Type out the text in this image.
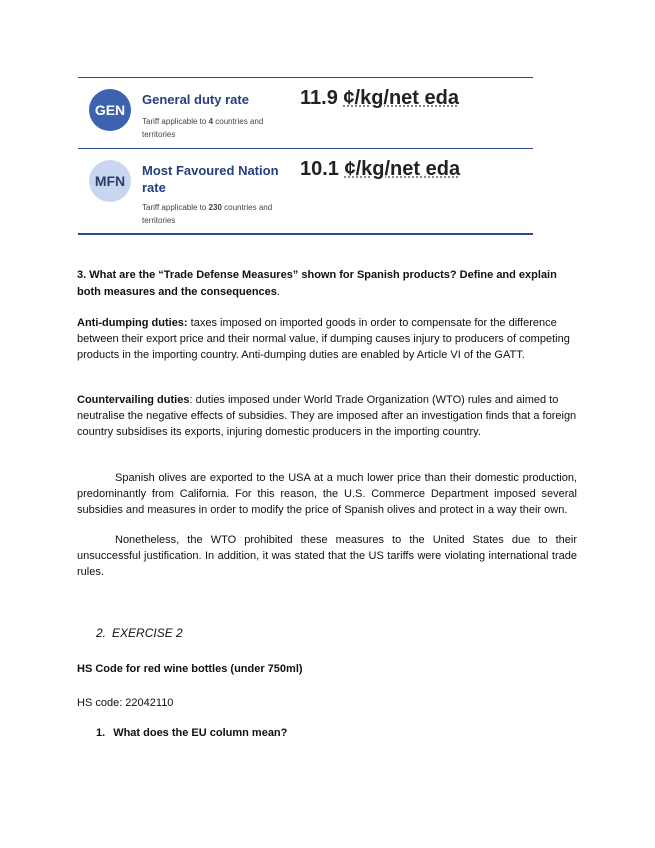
GEN
General duty rate
Tariff applicable to 4 countries and territories
11.9 ¢/kg/net eda
MFN
Most Favoured Nation rate
Tariff applicable to 230 countries and territories
10.1 ¢/kg/net eda
3. What are the “Trade Defense Measures” shown for Spanish products? Define and explain both measures and the consequences.
Anti-dumping duties: taxes imposed on imported goods in order to compensate for the difference between their export price and their normal value, if dumping causes injury to producers of competing products in the importing country. Anti-dumping duties are enabled by Article VI of the GATT.
Countervailing duties: duties imposed under World Trade Organization (WTO) rules and aimed to neutralise the negative effects of subsidies. They are imposed after an investigation finds that a foreign country subsidises its exports, injuring domestic producers in the importing country.
Spanish olives are exported to the USA at a much lower price than their domestic production, predominantly from California. For this reason, the U.S. Commerce Department imposed several subsidies and measures in order to modify the price of Spanish olives and protect in a way their own.
Nonetheless, the WTO prohibited these measures to the United States due to their unsuccessful justification. In addition, it was stated that the US tariffs were violating international trade rules.
2. EXERCISE 2
HS Code for red wine bottles (under 750ml)
HS code: 22042110
1. What does the EU column mean?
